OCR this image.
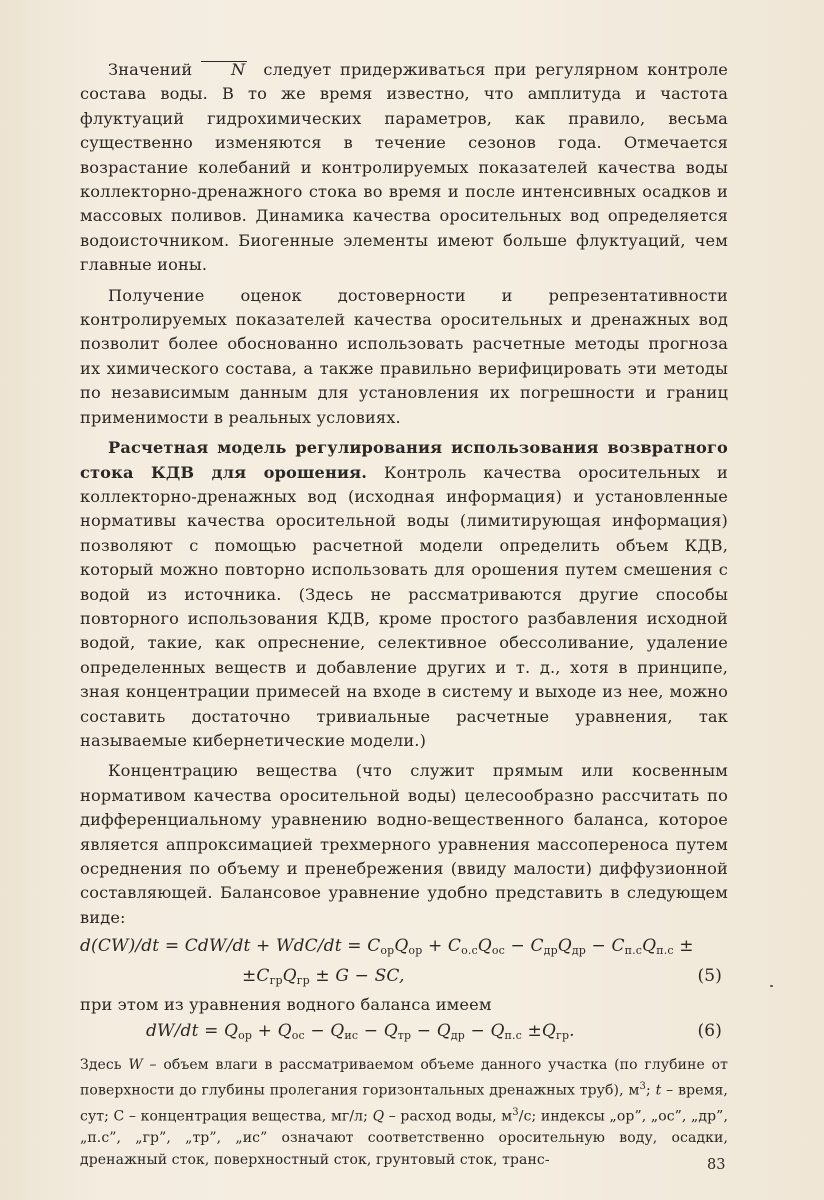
Значений N следует придерживаться при регулярном контроле состава воды. В то же время известно, что амплитуда и частота флуктуаций гидрохимических параметров, как правило, весьма существенно изменяются в течение сезонов года. Отмечается возрастание колебаний и контролируемых показателей качества воды коллекторно-дренажного стока во время и после интенсивных осадков и массовых поливов. Динамика качества оросительных вод определяется водоисточником. Биогенные элементы имеют больше флуктуаций, чем главные ионы.

Получение оценок достоверности и репрезентативности контролируемых показателей качества оросительных и дренажных вод позволит более обоснованно использовать расчетные методы прогноза их химического состава, а также правильно верифицировать эти методы по независимым данным для установления их погрешности и границ применимости в реальных условиях.

Расчетная модель регулирования использования возвратного стока КДВ для орошения. Контроль качества оросительных и коллекторно-дренажных вод (исходная информация) и установленные нормативы качества оросительной воды (лимитирующая информация) позволяют с помощью расчетной модели определить объем КДВ, который можно повторно использовать для орошения путем смешения с водой из источника. (Здесь не рассматриваются другие способы повторного использования КДВ, кроме простого разбавления исходной водой, такие, как опреснение, селективное обессоливание, удаление определенных веществ и добавление других и т. д., хотя в принципе, зная концентрации примесей на входе в систему и выходе из нее, можно составить достаточно тривиальные расчетные уравнения, так называемые кибернетические модели.)

Концентрацию вещества (что служит прямым или косвенным нормативом качества оросительной воды) целесообразно рассчитать по дифференциальному уравнению водно-вещественного баланса, которое является аппроксимацией трехмерного уравнения массопереноса путем осреднения по объему и пренебрежения (ввиду малости) диффузионной составляющей. Балансовое уравнение удобно представить в следующем виде:

$d(CW)/dt = CdW/dt + WdC/dt = C_{ор}Q_{ор} + C_{о.с}Q_{ос} - C_{др}Q_{др} - C_{п.с}Q_{п.с}$ ±
$\pm C_{гр}Q_{гр} \pm G$ − SC,	(5)

при этом из уравнения водного баланса имеем

$dW/dt = Q_{ор} + Q_{ос} - Q_{ис} - Q_{тр} - Q_{др} - Q_{п.с} \pm Q_{гр}$.	(6)

Здесь W – объем влаги в рассматриваемом объеме данного участка (по глубине от поверхности до глубины пролегания горизонтальных дренажных труб), $м^3$; t – время, сут; С – концентрация вещества, мг/л; Q – расход воды, $м^3/с$; индексы „ор”, „ос”, „др”, „п.с”, „гр”, „тр”, „ис” означают соответственно оросительную воду, осадки, дренажный сток, поверхностный сток, грунтовый сток, транс-	83
